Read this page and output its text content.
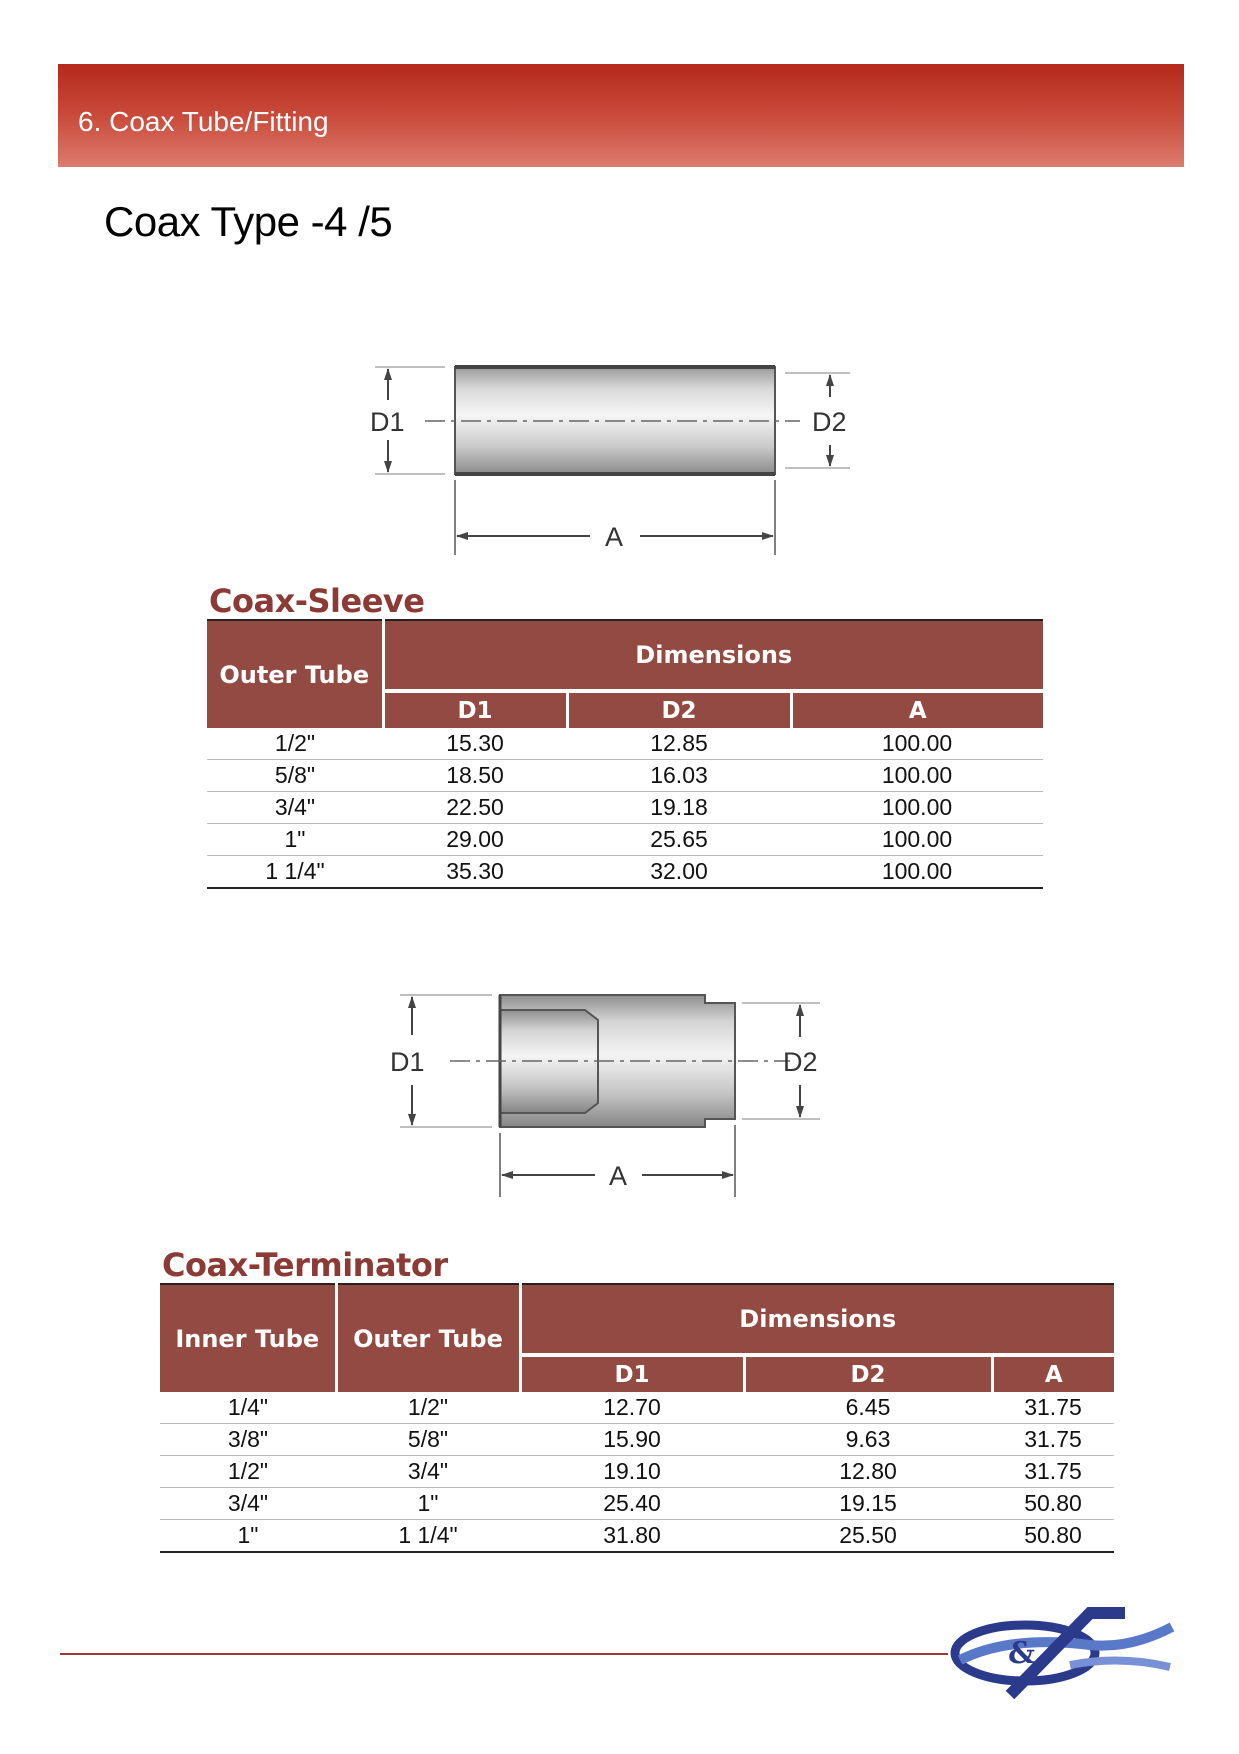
6. Coax Tube/Fitting
Coax Type -4 /5
D1	D2
A
Coax-Sleeve
Outer Tube	Dimensions		
	D1	D2	A
1/2"	15.30	12.85	100.00
5/8"	18.50	16.03	100.00
3/4"	22.50	19.18	100.00
1"	29.00	25.65	100.00
1 1/4"	35.30	32.00	100.00
D1	D2
A
Coax-Terminator
Inner Tube	Outer Tube	Dimensions		
		D1	D2	A
1/4"	1/2"	12.70	6.45	31.75
3/8"	5/8"	15.90	9.63	31.75
1/2"	3/4"	19.10	12.80	31.75
3/4"	1"	25.40	19.15	50.80
1"	1 1/4"	31.80	25.50	50.80
&
